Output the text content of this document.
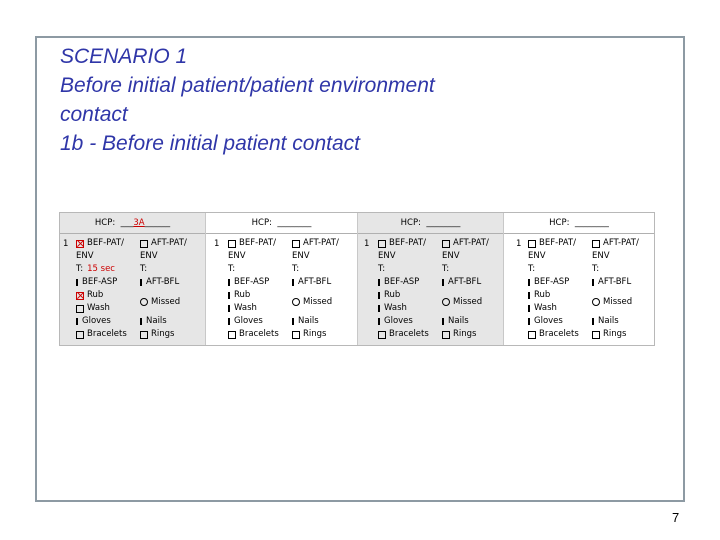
SCENARIO 1
Before initial patient/patient environment
contact
1b - Before initial patient contact
HCP:  ___3A______
1 BEF-PAT/
ENV
T: 15 sec
BEF-ASP
Rub
Wash
Gloves
Bracelets
AFT-PAT/
ENV
T:
AFT-BFL
Missed
Nails
Rings
HCP:  ________
1 BEF-PAT/
ENV
T:
BEF-ASP
Rub
Wash
Gloves
Bracelets
AFT-PAT/
ENV
T:
AFT-BFL
Missed
Nails
Rings
HCP:  ________
1 BEF-PAT/
ENV
T:
BEF-ASP
Rub
Wash
Gloves
Bracelets
AFT-PAT/
ENV
T:
AFT-BFL
Missed
Nails
Rings
HCP:  ________
1 BEF-PAT/
ENV
T:
BEF-ASP
Rub
Wash
Gloves
Bracelets
AFT-PAT/
ENV
T:
AFT-BFL
Missed
Nails
Rings
7
